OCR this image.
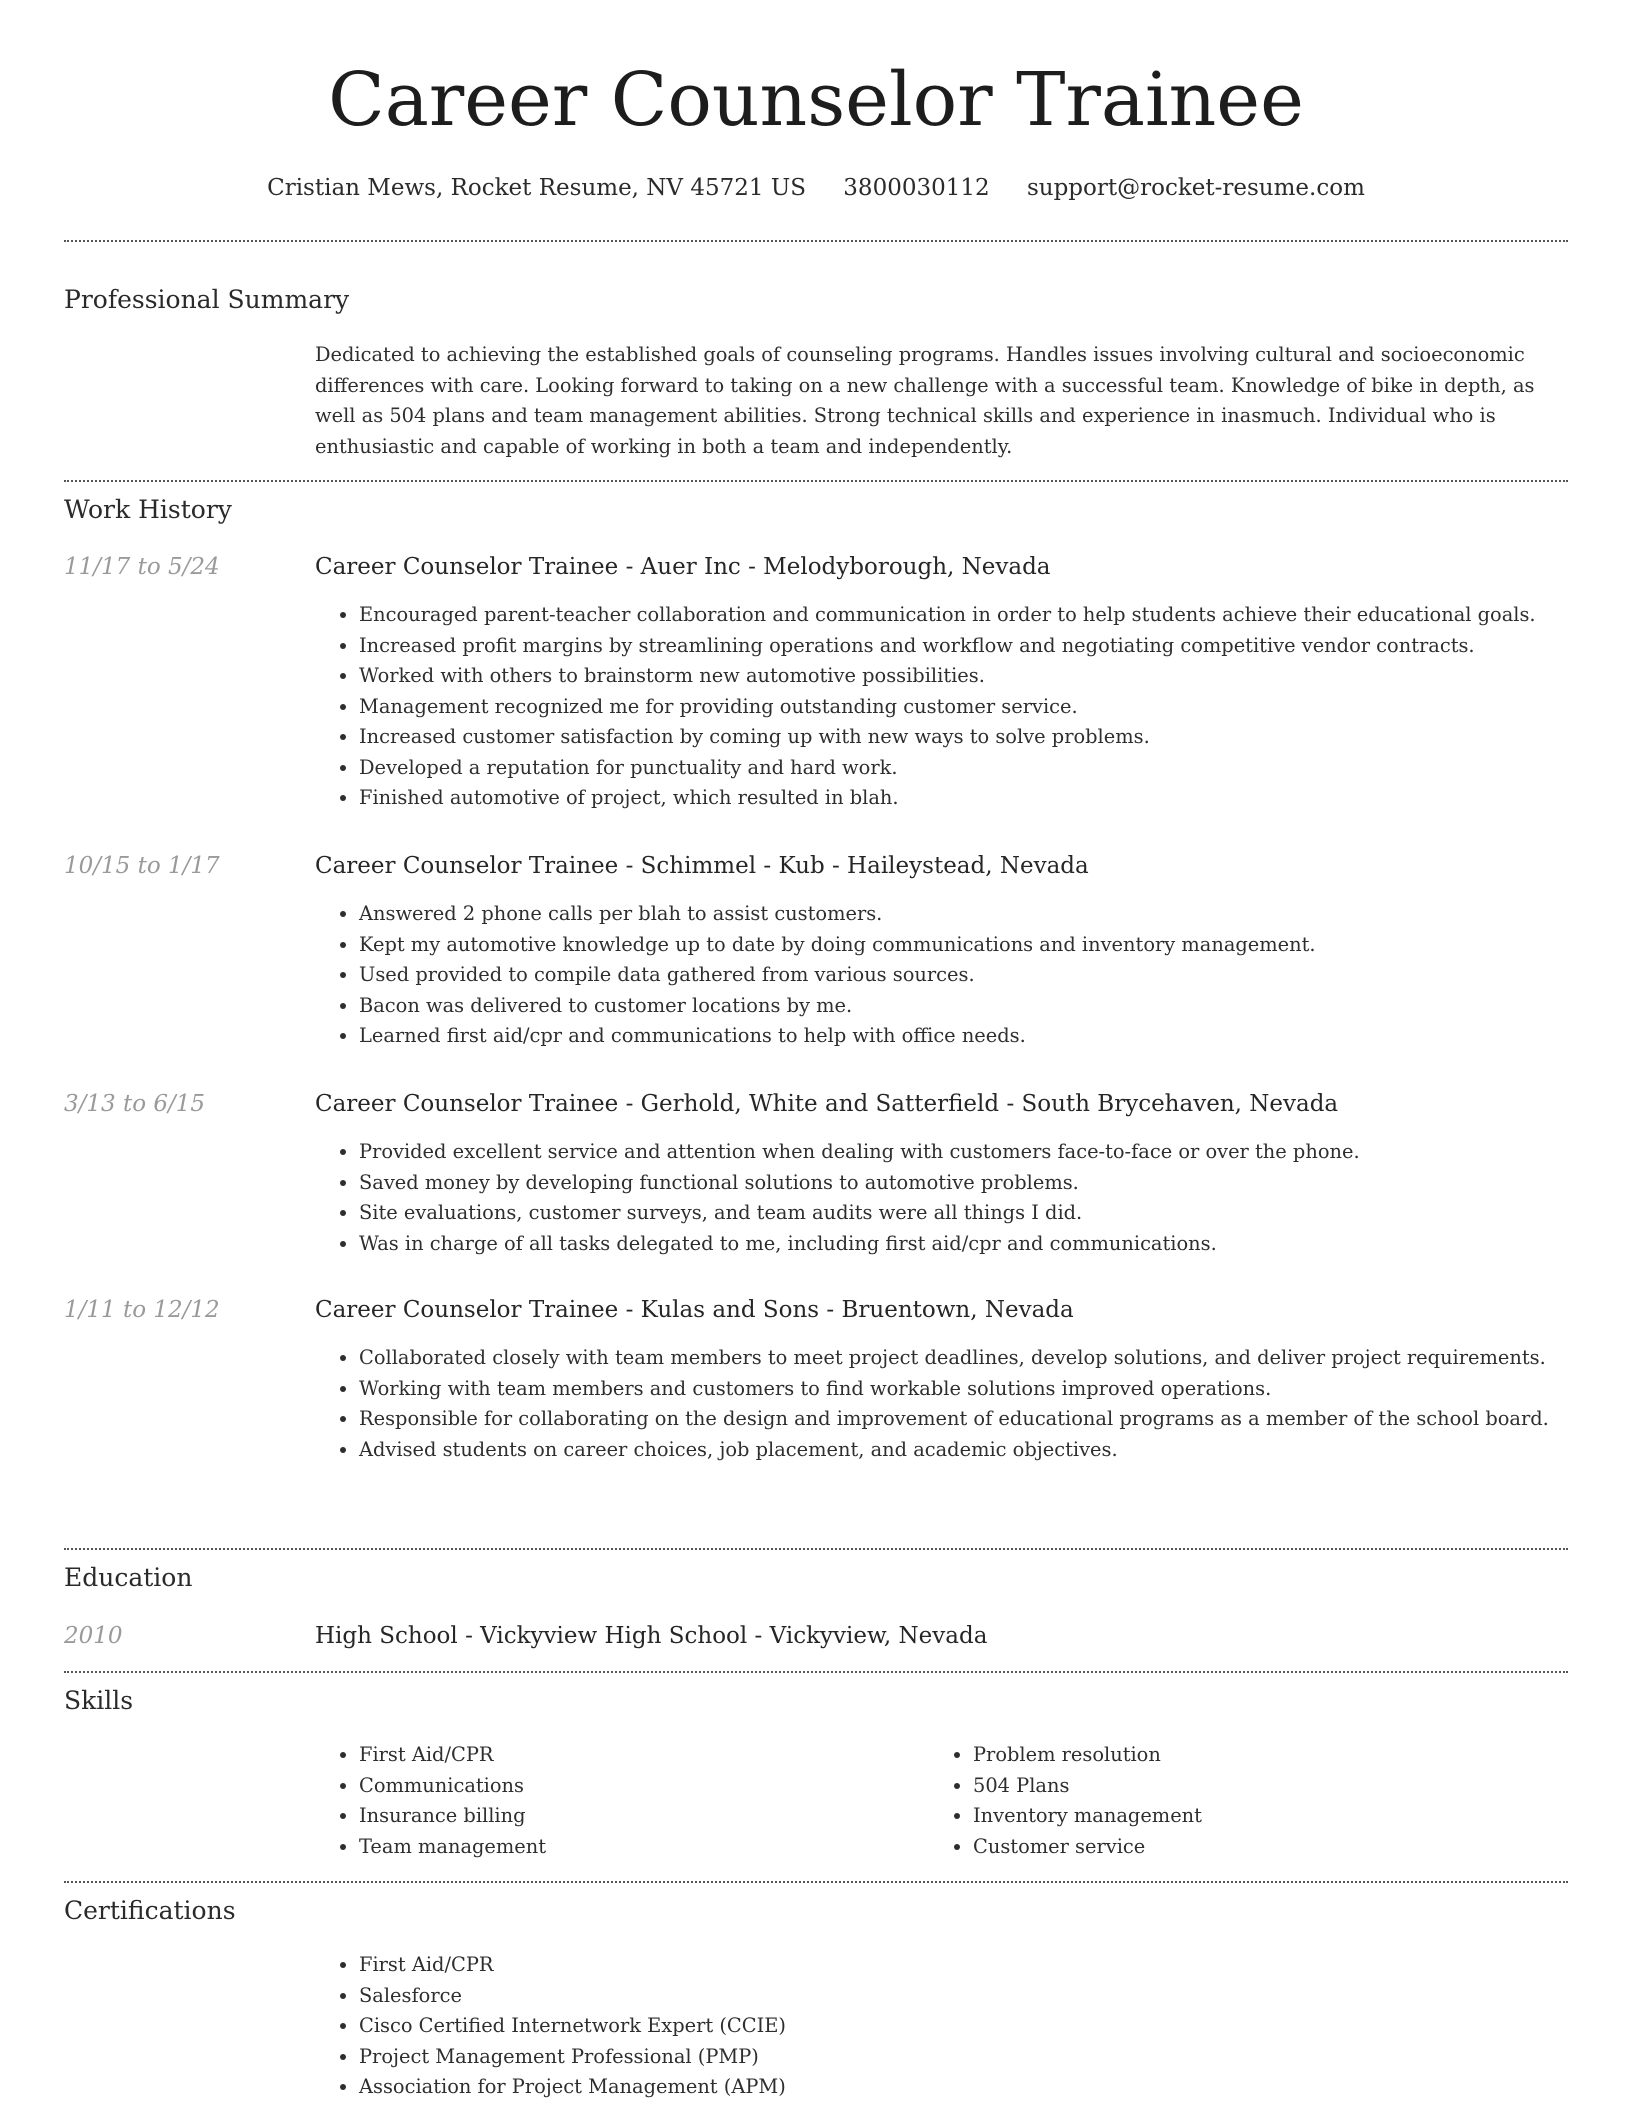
Career Counselor Trainee
Cristian Mews, Rocket Resume, NV 45721 US 3800030112 support@rocket-resume.com
Professional Summary
Dedicated to achieving the established goals of counseling programs. Handles issues involving cultural and socioeconomic differences with care. Looking forward to taking on a new challenge with a successful team. Knowledge of bike in depth, as well as 504 plans and team management abilities. Strong technical skills and experience in inasmuch. Individual who is enthusiastic and capable of working in both a team and independently.
Work History
11/17 to 5/24	Career Counselor Trainee - Auer Inc - Melodyborough, Nevada
• Encouraged parent-teacher collaboration and communication in order to help students achieve their educational goals.
• Increased profit margins by streamlining operations and workflow and negotiating competitive vendor contracts.
• Worked with others to brainstorm new automotive possibilities.
• Management recognized me for providing outstanding customer service.
• Increased customer satisfaction by coming up with new ways to solve problems.
• Developed a reputation for punctuality and hard work.
• Finished automotive of project, which resulted in blah.
10/15 to 1/17	Career Counselor Trainee - Schimmel - Kub - Haileystead, Nevada
• Answered 2 phone calls per blah to assist customers.
• Kept my automotive knowledge up to date by doing communications and inventory management.
• Used provided to compile data gathered from various sources.
• Bacon was delivered to customer locations by me.
• Learned first aid/cpr and communications to help with office needs.
3/13 to 6/15	Career Counselor Trainee - Gerhold, White and Satterfield - South Brycehaven, Nevada
• Provided excellent service and attention when dealing with customers face-to-face or over the phone.
• Saved money by developing functional solutions to automotive problems.
• Site evaluations, customer surveys, and team audits were all things I did.
• Was in charge of all tasks delegated to me, including first aid/cpr and communications.
1/11 to 12/12	Career Counselor Trainee - Kulas and Sons - Bruentown, Nevada
• Collaborated closely with team members to meet project deadlines, develop solutions, and deliver project requirements.
• Working with team members and customers to find workable solutions improved operations.
• Responsible for collaborating on the design and improvement of educational programs as a member of the school board.
• Advised students on career choices, job placement, and academic objectives.
Education
2010	High School - Vickyview High School - Vickyview, Nevada
Skills
• First Aid/CPR
• Communications
• Insurance billing
• Team management
• Problem resolution
• 504 Plans
• Inventory management
• Customer service
Certifications
• First Aid/CPR
• Salesforce
• Cisco Certified Internetwork Expert (CCIE)
• Project Management Professional (PMP)
• Association for Project Management (APM)
